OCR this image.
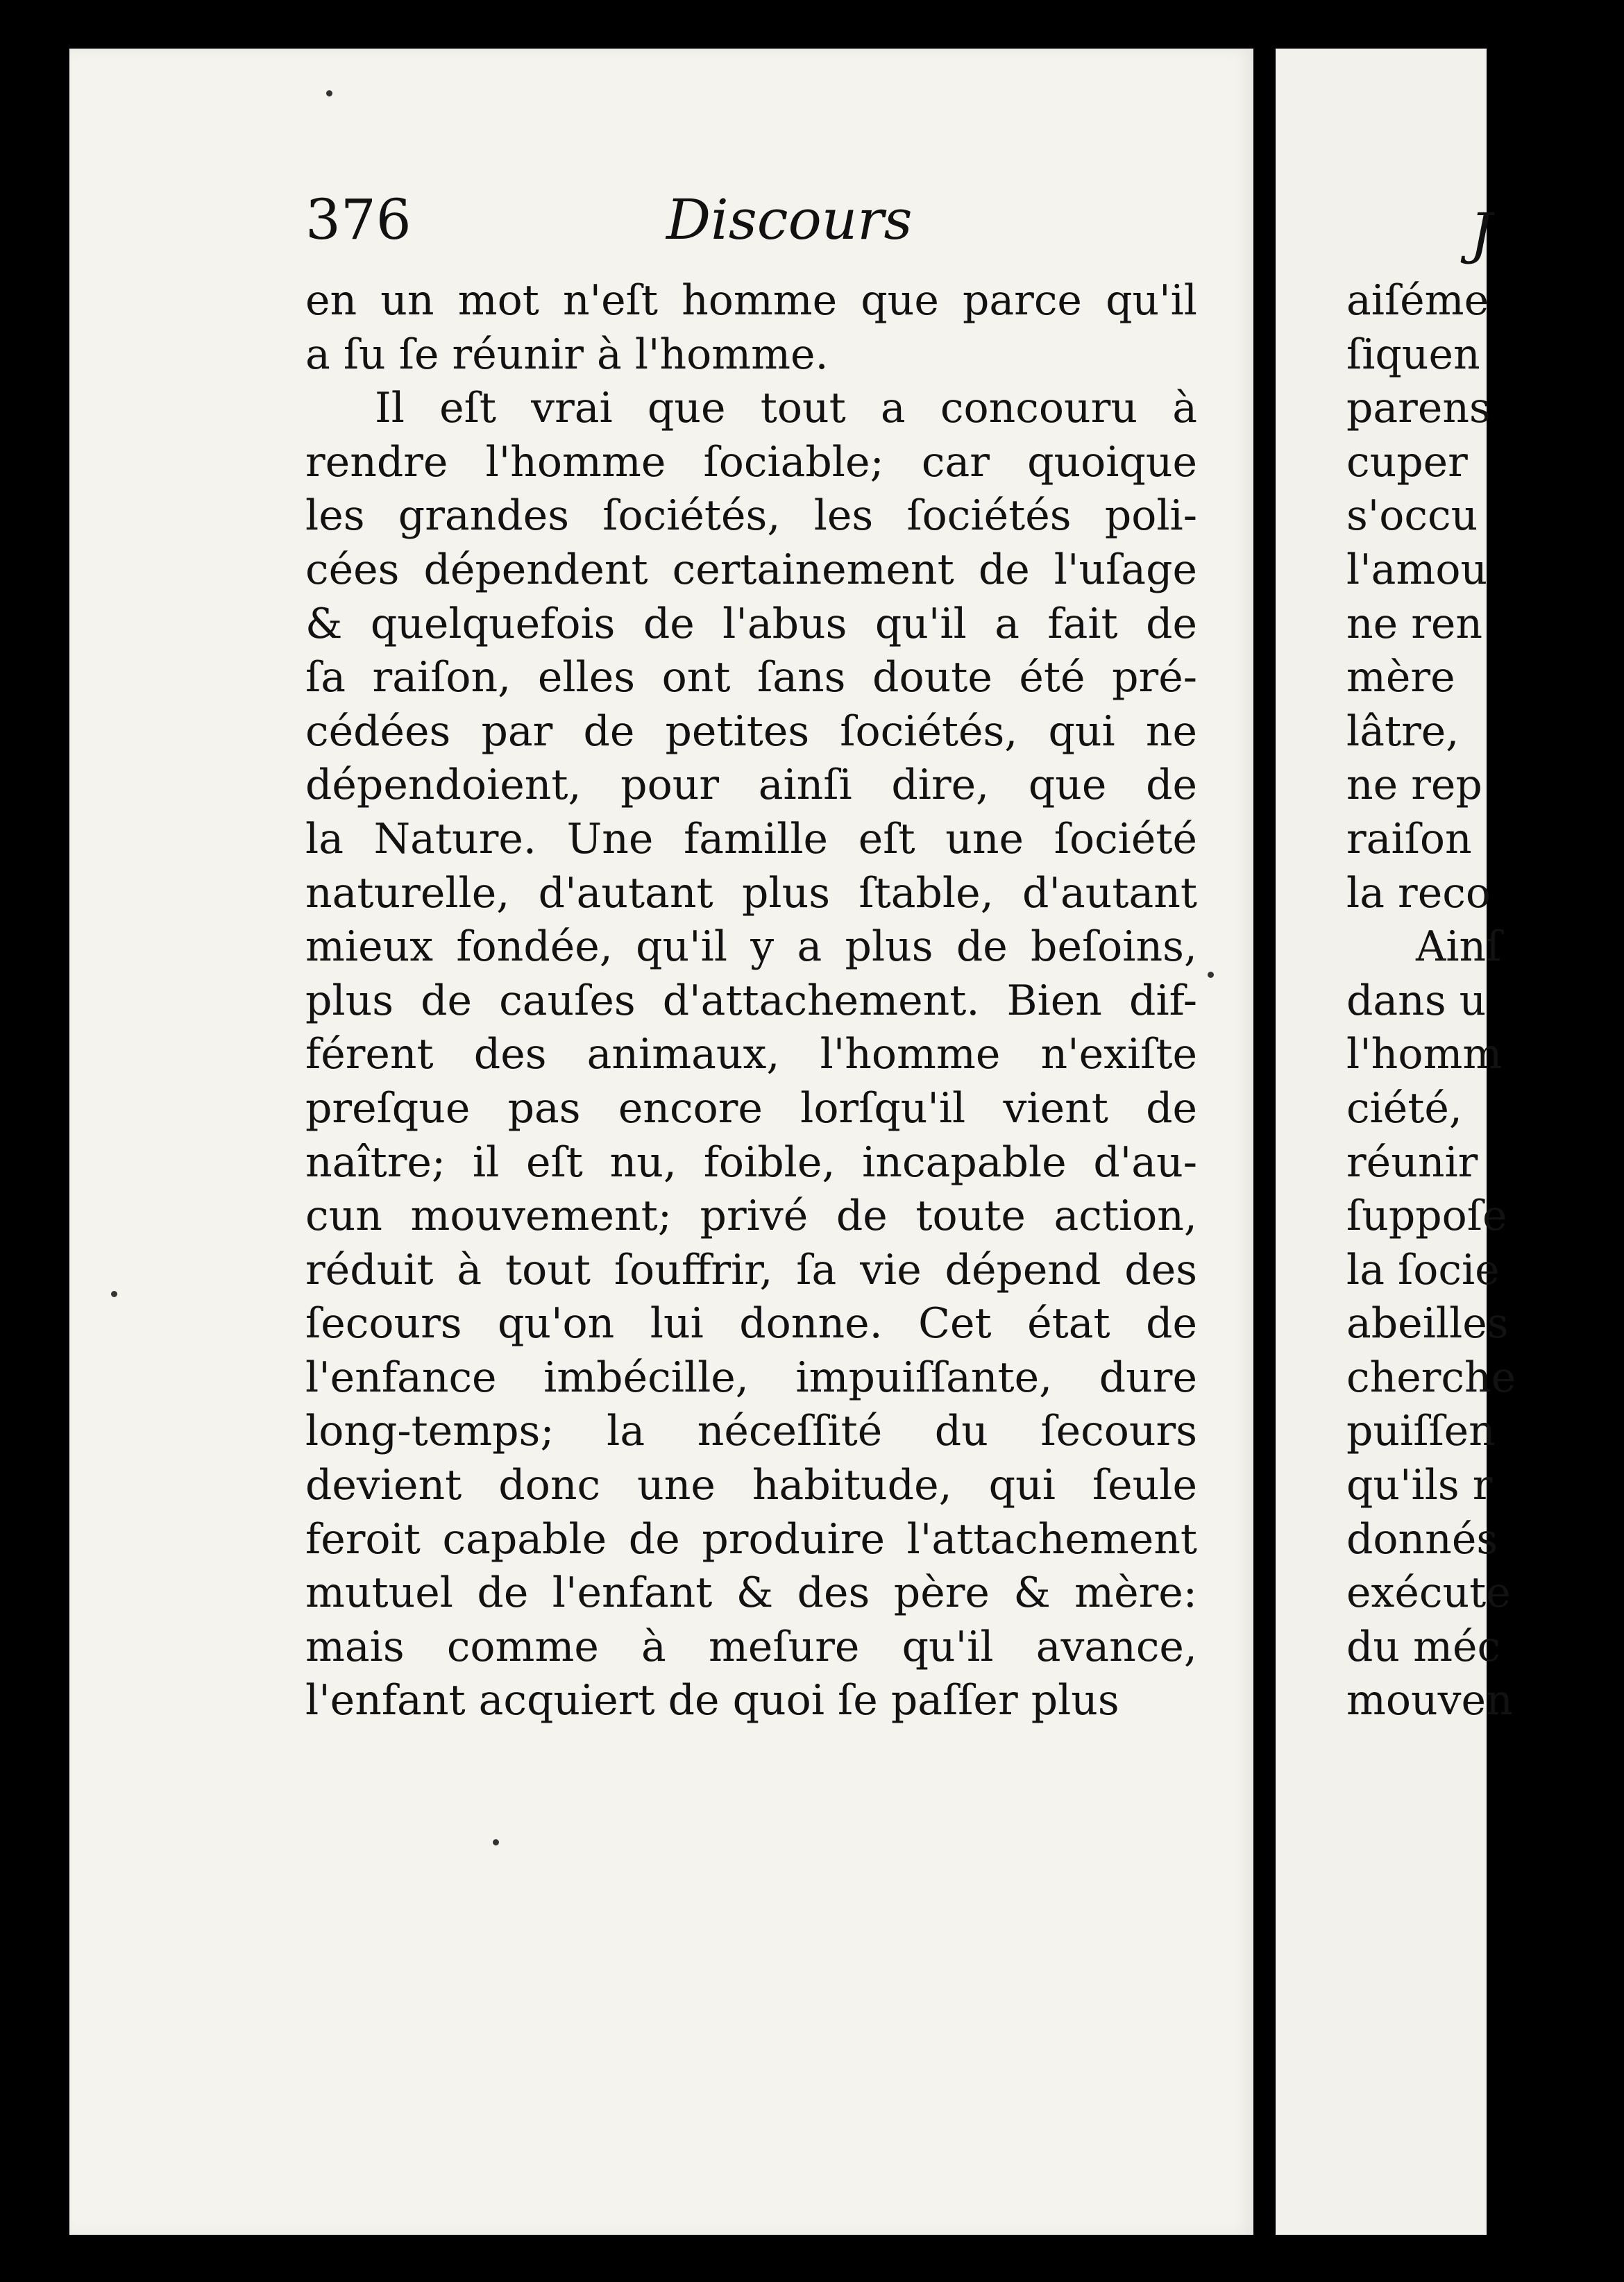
376	Discours
en un mot n'eſt homme que parce qu'il
a ſu ſe réunir à l'homme.
Il eſt vrai que tout a concouru à
rendre l'homme ſociable; car quoique
les grandes ſociétés, les ſociétés poli-
cées dépendent certainement de l'uſage
& quelquefois de l'abus qu'il a fait de
ſa raiſon, elles ont ſans doute été pré-
cédées par de petites ſociétés, qui ne
dépendoient, pour ainſi dire, que de
la Nature. Une famille eſt une ſociété
naturelle, d'autant plus ſtable, d'autant
mieux fondée, qu'il y a plus de beſoins,
plus de cauſes d'attachement. Bien dif-
férent des animaux, l'homme n'exiſte
preſque pas encore lorſqu'il vient de
naître; il eſt nu, foible, incapable d'au-
cun mouvement; privé de toute action,
réduit à tout ſouffrir, ſa vie dépend des
ſecours qu'on lui donne. Cet état de
l'enfance imbécille, impuiſſante, dure
long-temps; la néceſſité du ſecours
devient donc une habitude, qui ſeule
feroit capable de produire l'attachement
mutuel de l'enfant & des père & mère:
mais comme à meſure qu'il avance,
l'enfant acquiert de quoi ſe paſſer plus
J
aiſéme
ſiquen
parens
cuper
s'occu
l'amou
ne ren
mère
lâtre,
ne rep
raiſon
la reco
Ainſ
dans u
l'homm
ciété,
réunir
ſuppoſe
la ſocie
abeilles
cherche
puiſſen
qu'ils r
donnés
exécute
du méc
mouven
